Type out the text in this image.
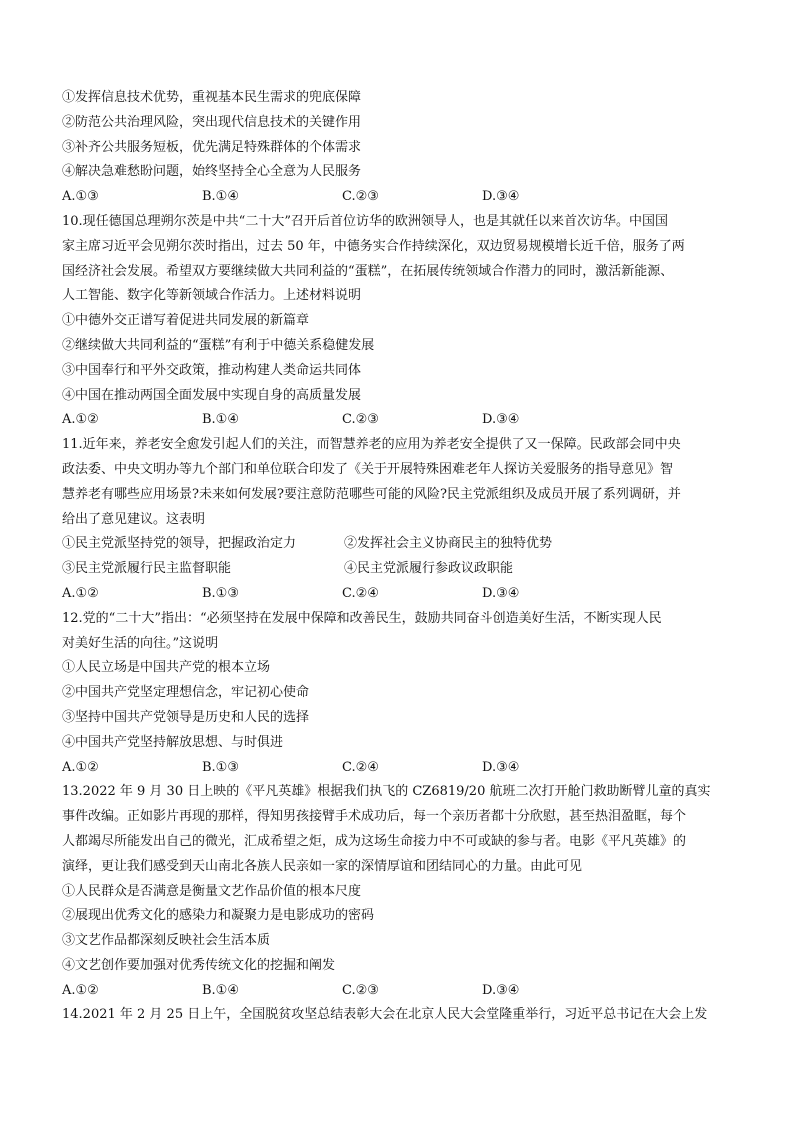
①发挥信息技术优势，重视基本民生需求的兜底保障
②防范公共治理风险，突出现代信息技术的关键作用
③补齐公共服务短板，优先满足特殊群体的个体需求
④解决急难愁盼问题，始终坚持全心全意为人民服务
A.①③	B.①④	C.②③	D.③④
10.现任德国总理朔尔茨是中共“二十大”召开后首位访华的欧洲领导人，也是其就任以来首次访华。中国国
家主席习近平会见朔尔茨时指出，过去 50 年，中德务实合作持续深化，双边贸易规模增长近千倍，服务了两
国经济社会发展。希望双方要继续做大共同利益的“蛋糕”，在拓展传统领域合作潜力的同时，激活新能源、
人工智能、数字化等新领域合作活力。上述材料说明
①中德外交正谱写着促进共同发展的新篇章
②继续做大共同利益的“蛋糕”有利于中德关系稳健发展
③中国奉行和平外交政策，推动构建人类命运共同体
④中国在推动两国全面发展中实现自身的高质量发展
A.①②	B.①④	C.②③	D.③④
11.近年来，养老安全愈发引起人们的关注，而智慧养老的应用为养老安全提供了又一保障。民政部会同中央
政法委、中央文明办等九个部门和单位联合印发了《关于开展特殊困难老年人探访关爱服务的指导意见》智
慧养老有哪些应用场景?未来如何发展?要注意防范哪些可能的风险?民主党派组织及成员开展了系列调研，并
给出了意见建议。这表明
①民主党派坚持党的领导，把握政治定力	②发挥社会主义协商民主的独特优势
③民主党派履行民主监督职能	④民主党派履行参政议政职能
A.①②	B.①③	C.②④	D.③④
12.党的“二十大”指出：“必须坚持在发展中保障和改善民生，鼓励共同奋斗创造美好生活，不断实现人民
对美好生活的向往。”这说明
①人民立场是中国共产党的根本立场
②中国共产党坚定理想信念，牢记初心使命
③坚持中国共产党领导是历史和人民的选择
④中国共产党坚持解放思想、与时俱进
A.①②	B.①③	C.②④	D.③④
13.2022 年 9 月 30 日上映的《平凡英雄》根据我们执飞的 CZ6819/20 航班二次打开舱门救助断臂儿童的真实
事件改编。正如影片再现的那样，得知男孩接臂手术成功后，每一个亲历者都十分欣慰，甚至热泪盈眶，每个
人都竭尽所能发出自己的微光，汇成希望之炬，成为这场生命接力中不可或缺的参与者。电影《平凡英雄》的
演绎，更让我们感受到天山南北各族人民亲如一家的深情厚谊和团结同心的力量。由此可见
①人民群众是否满意是衡量文艺作品价值的根本尺度
②展现出优秀文化的感染力和凝聚力是电影成功的密码
③文艺作品都深刻反映社会生活本质
④文艺创作要加强对优秀传统文化的挖掘和阐发
A.①②	B.①④	C.②③	D.③④
14.2021 年 2 月 25 日上午，全国脱贫攻坚总结表彰大会在北京人民大会堂隆重举行，习近平总书记在大会上发
